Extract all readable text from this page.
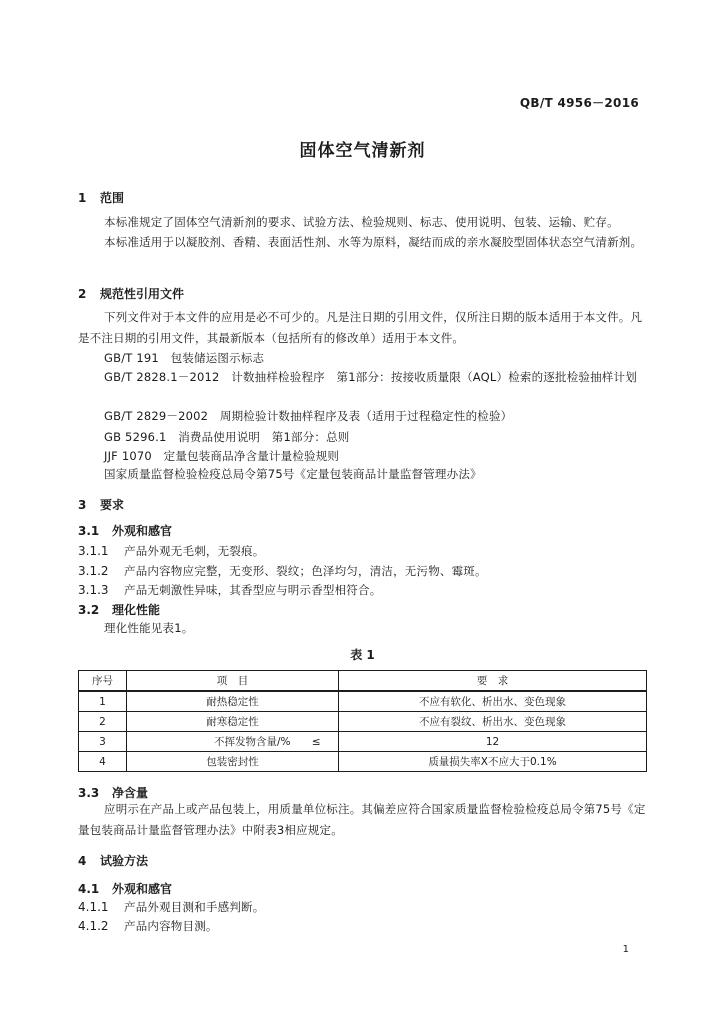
QB/T 4956－2016
固体空气清新剂
1 范围
本标准规定了固体空气清新剂的要求、试验方法、检验规则、标志、使用说明、包装、运输、贮存。
本标准适用于以凝胶剂、香精、表面活性剂、水等为原料，凝结而成的亲水凝胶型固体状态空气清新剂。
2 规范性引用文件
下列文件对于本文件的应用是必不可少的。凡是注日期的引用文件，仅所注日期的版本适用于本文件。凡是不注日期的引用文件，其最新版本（包括所有的修改单）适用于本文件。
GB/T 191　包装储运图示标志
GB/T 2828.1－2012　计数抽样检验程序　第1部分：按接收质量限（AQL）检索的逐批检验抽样计划
GB/T 2829－2002　周期检验计数抽样程序及表（适用于过程稳定性的检验）
GB 5296.1　消费品使用说明　第1部分：总则
JJF 1070　定量包装商品净含量计量检验规则
国家质量监督检验检疫总局令第75号《定量包装商品计量监督管理办法》
3 要求
3.1 外观和感官
3.1.1 产品外观无毛刺，无裂痕。
3.1.2 产品内容物应完整，无变形、裂纹；色泽均匀，清洁，无污物、霉斑。
3.1.3 产品无刺激性异味，其香型应与明示香型相符合。
3.2 理化性能
理化性能见表1。
表 1
序号	项　目		要　求
1	耐热稳定性		不应有软化、析出水、变色现象
2	耐寒稳定性		不应有裂纹、析出水、变色现象
3	不挥发物含量/%	≤	12
4	包装密封性		质量损失率X不应大于0.1%
3.3 净含量
应明示在产品上或产品包装上，用质量单位标注。其偏差应符合国家质量监督检验检疫总局令第75号《定量包装商品计量监督管理办法》中附表3相应规定。
4 试验方法
4.1 外观和感官
4.1.1 产品外观目测和手感判断。
4.1.2 产品内容物目测。
1
